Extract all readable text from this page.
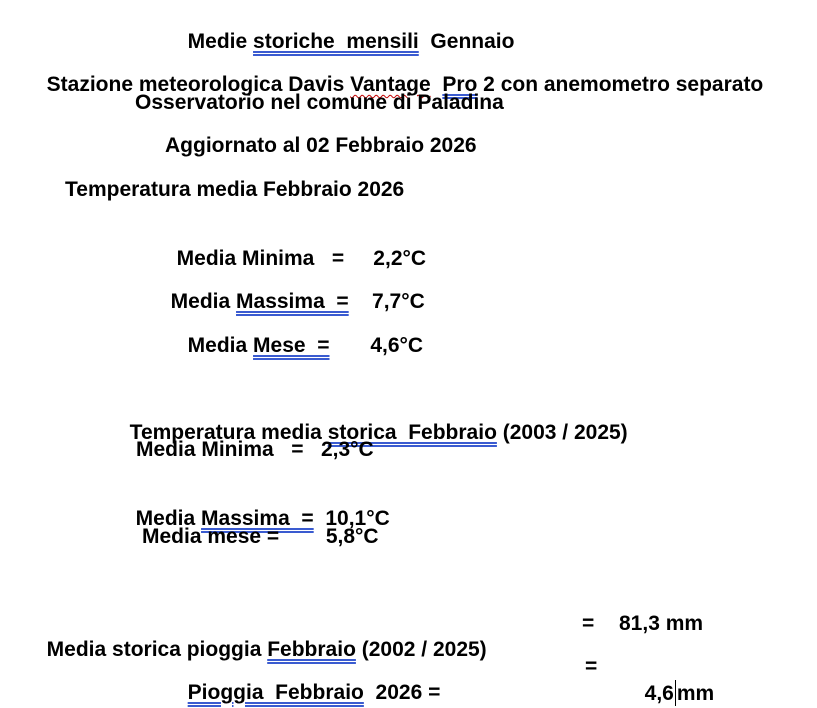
Medie storiche  mensili  Gennaio

Stazione meteorologica Davis Vantage Pro 2 con anemometro separato

Osservatorio nel comune di Paladina
Aggiornato al 02 Febbraio 2026
Temperatura media Febbraio 2026

Media Minima   =     2,2°C

Media Massima  =    7,7°C

Media Mese  =       4,6°C

Temperatura media storica  Febbraio (2003 / 2025)

Media Minima   =   2,3°C

Media Massima  =  10,1°C

Media mese =        5,8°C

Media storica pioggia Febbraio (2002 / 2025)

= 81,3 mm

Pioggia  Febbraio  2026 =

=

4,6 mm
